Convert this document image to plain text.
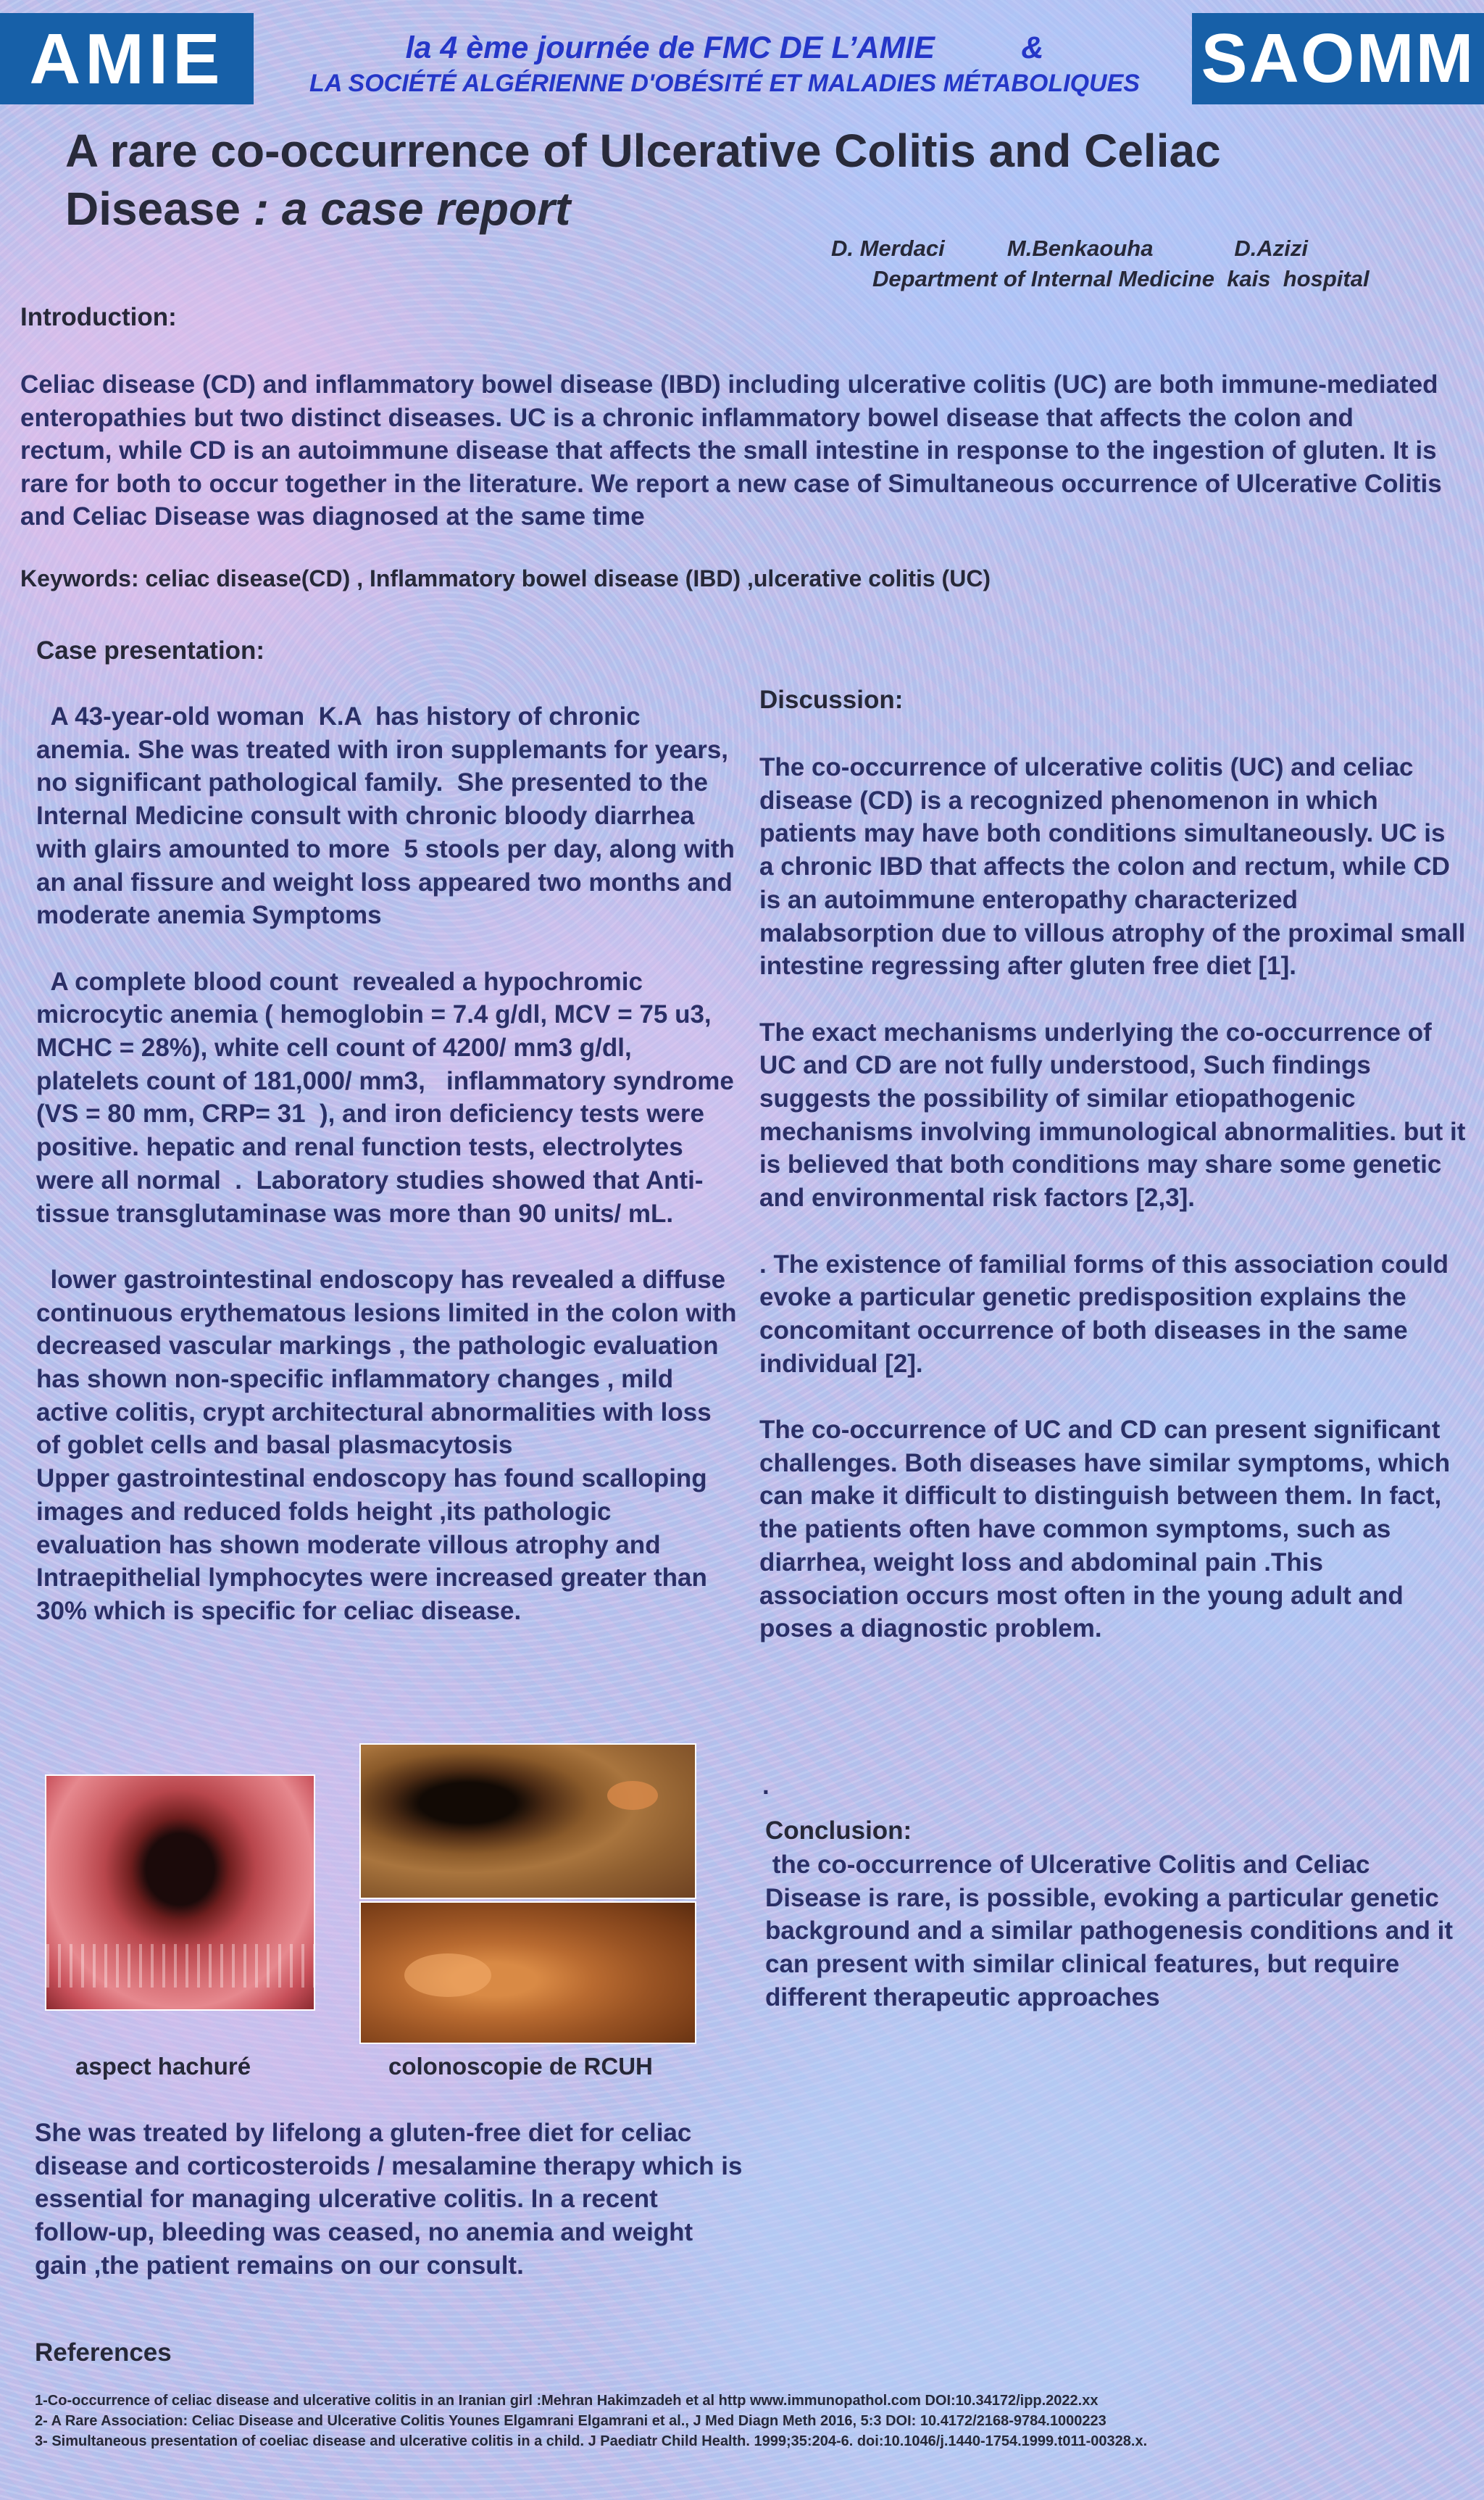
AMIE	SAOMM
la 4 ème journée de FMC DE L’AMIE          &
LA SOCIÉTÉ ALGÉRIENNE D'OBÉSITÉ ET MALADIES MÉTABOLIQUES
A rare co-occurrence of Ulcerative Colitis and Celiac
Disease : a case report
D. Merdaci          M.Benkaouha             D.Azizi
Department of Internal Medicine  kais  hospital
Introduction:
Celiac disease (CD) and inflammatory bowel disease (IBD) including ulcerative colitis (UC) are both immune-mediated enteropathies but two distinct diseases. UC is a chronic inflammatory bowel disease that affects the colon and rectum, while CD is an autoimmune disease that affects the small intestine in response to the ingestion of gluten. It is rare for both to occur together in the literature. We report a new case of Simultaneous occurrence of Ulcerative Colitis and Celiac Disease was diagnosed at the same time
Keywords: celiac disease(CD) , Inflammatory bowel disease (IBD) ,ulcerative colitis (UC)
Case presentation:

A 43-year-old woman  K.A  has history of chronic anemia. She was treated with iron supplemants for years, no significant pathological family.  She presented to the Internal Medicine consult with chronic bloody diarrhea with glairs amounted to more  5 stools per day, along with an anal fissure and weight loss appeared two months and moderate anemia Symptoms

A complete blood count  revealed a hypochromic microcytic anemia ( hemoglobin = 7.4 g/dl, MCV = 75 u3, MCHC = 28%), white cell count of 4200/ mm3 g/dl, platelets count of 181,000/ mm3,   inflammatory syndrome (VS = 80 mm, CRP= 31  ), and iron deficiency tests were positive. hepatic and renal function tests, electrolytes were all normal  .  Laboratory studies showed that Anti-tissue transglutaminase was more than 90 units/ mL.

lower gastrointestinal endoscopy has revealed a diffuse continuous erythematous lesions limited in the colon with decreased vascular markings , the pathologic evaluation has shown non-specific inflammatory changes , mild active colitis, crypt architectural abnormalities with loss of goblet cells and basal plasmacytosis

Upper gastrointestinal endoscopy has found scalloping images and reduced folds height ,its pathologic evaluation has shown moderate villous atrophy and Intraepithelial lymphocytes were increased greater than 30% which is specific for celiac disease.

aspect hachuré	colonoscopie de RCUH
She was treated by lifelong a gluten-free diet for celiac disease and corticosteroids / mesalamine therapy which is essential for managing ulcerative colitis. In a recent follow-up, bleeding was ceased, no anemia and weight gain ,the patient remains on our consult.
Discussion:

The co-occurrence of ulcerative colitis (UC) and celiac disease (CD) is a recognized phenomenon in which patients may have both conditions simultaneously. UC is a chronic IBD that affects the colon and rectum, while CD is an autoimmune enteropathy characterized malabsorption due to villous atrophy of the proximal small intestine regressing after gluten free diet [1].

The exact mechanisms underlying the co-occurrence of UC and CD are not fully understood, Such findings suggests the possibility of similar etiopathogenic mechanisms involving immunological abnormalities. but it is believed that both conditions may share some genetic and environmental risk factors [2,3].

. The existence of familial forms of this association could evoke a particular genetic predisposition explains the concomitant occurrence of both diseases in the same individual [2].

The co-occurrence of UC and CD can present significant challenges. Both diseases have similar symptoms, which can make it difficult to distinguish between them. In fact, the patients often have common symptoms, such as diarrhea, weight loss and abdominal pain .This association occurs most often in the young adult and poses a diagnostic problem.

.
Conclusion:
the co-occurrence of Ulcerative Colitis and Celiac Disease is rare, is possible, evoking a particular genetic background and a similar pathogenesis conditions and it can present with similar clinical features, but require different therapeutic approaches
References
1-Co-occurrence of celiac disease and ulcerative colitis in an Iranian girl :Mehran Hakimzadeh et al http www.immunopathol.com DOI:10.34172/ipp.2022.xx
2- A Rare Association: Celiac Disease and Ulcerative Colitis Younes Elgamrani Elgamrani et al., J Med Diagn Meth 2016, 5:3 DOI: 10.4172/2168-9784.1000223
3- Simultaneous presentation of coeliac disease and ulcerative colitis in a child. J Paediatr Child Health. 1999;35:204-6. doi:10.1046/j.1440-1754.1999.t011-00328.x.
